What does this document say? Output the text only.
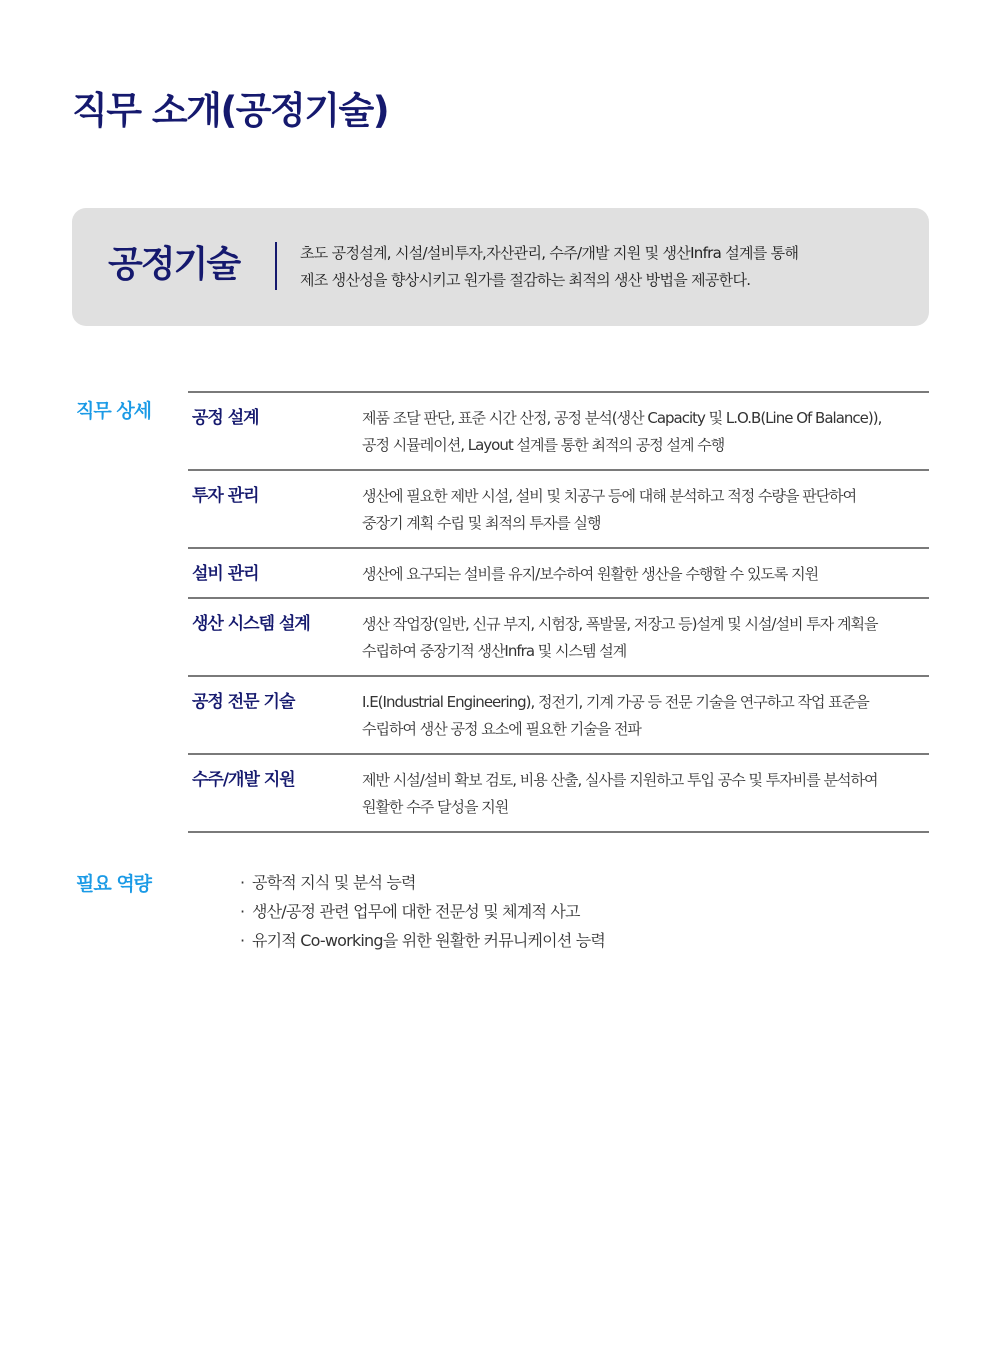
직무 소개(공정기술)
공정기술	초도 공정설계, 시설/설비투자,자산관리, 수주/개발 지원 및 생산Infra 설계를 통해
제조 생산성을 향상시키고 원가를 절감하는 최적의 생산 방법을 제공한다.
직무 상세 공정 설계	제품 조달 판단, 표준 시간 산정, 공정 분석(생산 Capacity 및 L.O.B(Line Of Balance)),
공정 시뮬레이션, Layout 설계를 통한 최적의 공정 설계 수행
투자 관리	생산에 필요한 제반 시설, 설비 및 치공구 등에 대해 분석하고 적정 수량을 판단하여
중장기 계획 수립 및 최적의 투자를 실행
설비 관리	생산에 요구되는 설비를 유지/보수하여 원활한 생산을 수행할 수 있도록 지원
생산 시스템 설계	생산 작업장(일반, 신규 부지, 시험장, 폭발물, 저장고 등)설계 및 시설/설비 투자 계획을
수립하여 중장기적 생산Infra 및 시스템 설계
공정 전문 기술	I.E(Industrial Engineering), 정전기, 기계 가공 등 전문 기술을 연구하고 작업 표준을
수립하여 생산 공정 요소에 필요한 기술을 전파
수주/개발 지원	제반 시설/설비 확보 검토, 비용 산출, 실사를 지원하고 투입 공수 및 투자비를 분석하여
원활한 수주 달성을 지원
필요 역량	· 공학적 지식 및 분석 능력
· 생산/공정 관련 업무에 대한 전문성 및 체계적 사고
· 유기적 Co-working을 위한 원활한 커뮤니케이션 능력
